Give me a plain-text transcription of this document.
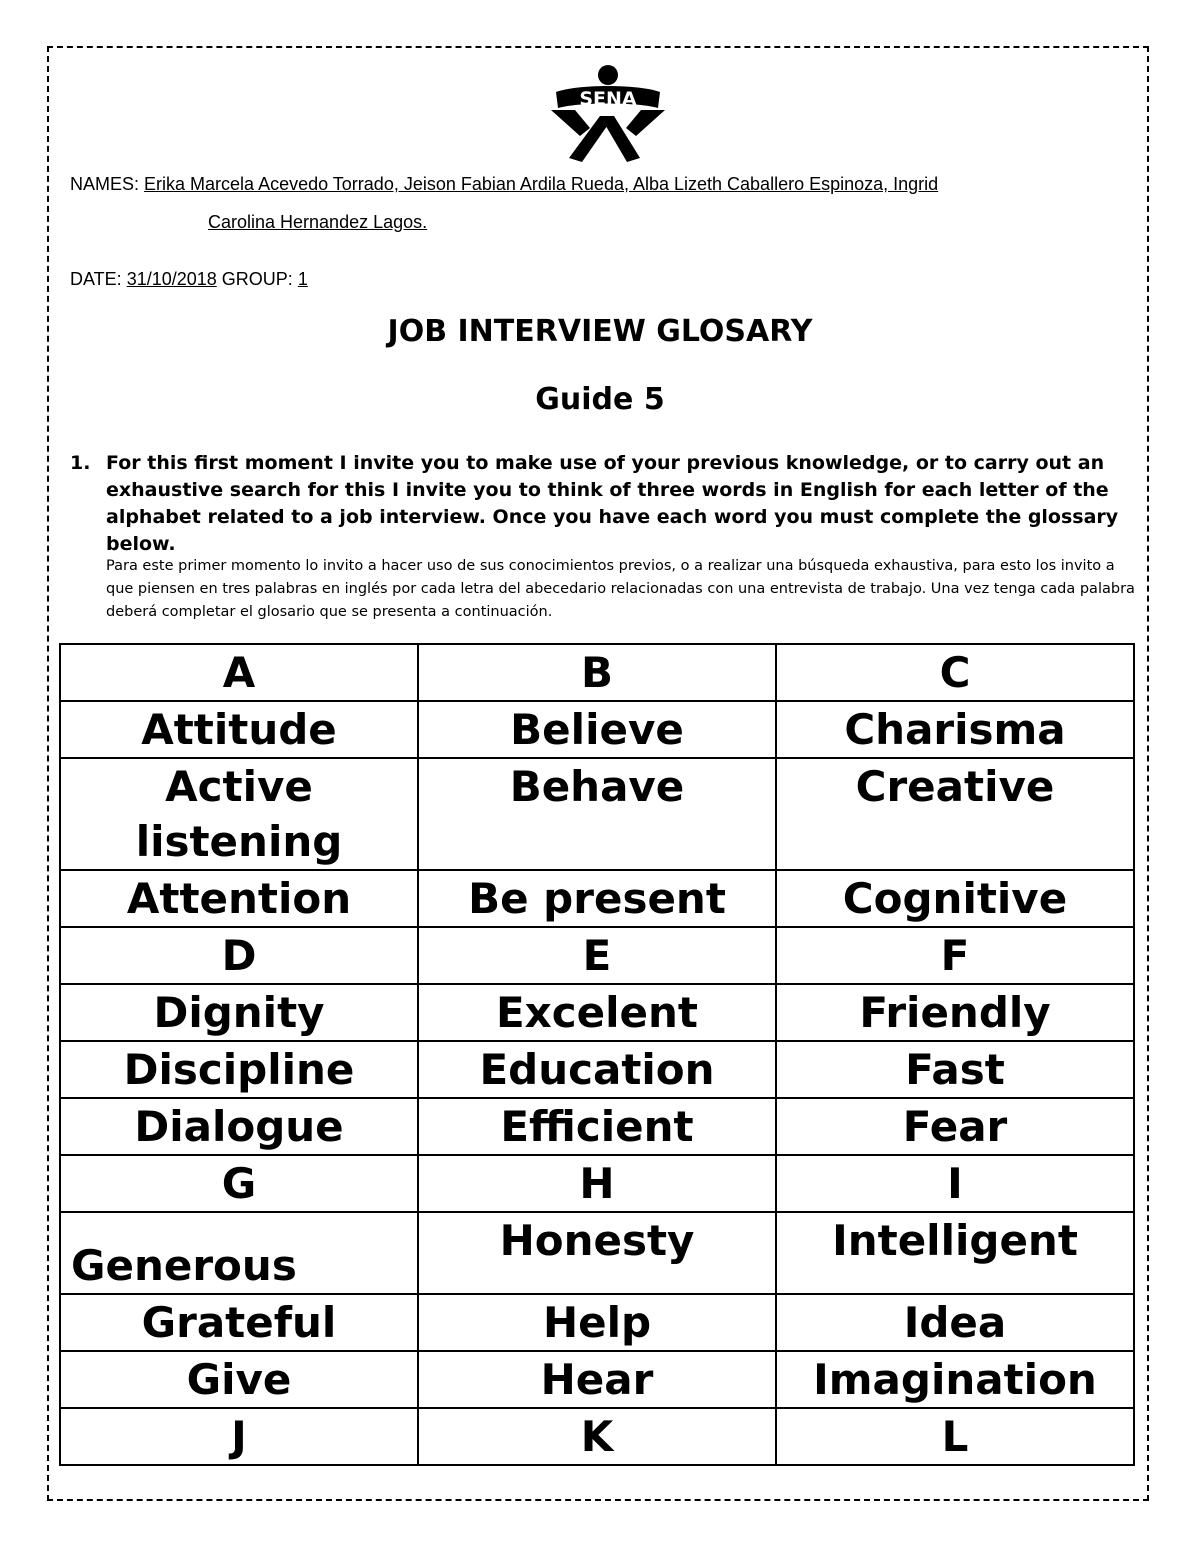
SENA
NAMES: Erika Marcela Acevedo Torrado, Jeison Fabian Ardila Rueda, Alba Lizeth Caballero Espinoza, Ingrid
Carolina Hernandez Lagos.
DATE: 31/10/2018 GROUP: 1
JOB INTERVIEW GLOSARY
Guide 5
1. For this first moment I invite you to make use of your previous knowledge, or to carry out an exhaustive search for this I invite you to think of three words in English for each letter of the alphabet related to a job interview. Once you have each word you must complete the glossary below.
Para este primer momento lo invito a hacer uso de sus conocimientos previos, o a realizar una búsqueda exhaustiva, para esto los invito a que piensen en tres palabras en inglés por cada letra del abecedario relacionadas con una entrevista de trabajo. Una vez tenga cada palabra deberá completar el glosario que se presenta a continuación.
A	B	C
Attitude	Believe	Charisma
Active listening	Behave	Creative
Attention	Be present	Cognitive
D	E	F
Dignity	Excelent	Friendly
Discipline	Education	Fast
Dialogue	Efficient	Fear
G	H	I
Generous	Honesty	Intelligent
Grateful	Help	Idea
Give	Hear	Imagination
J	K	L
